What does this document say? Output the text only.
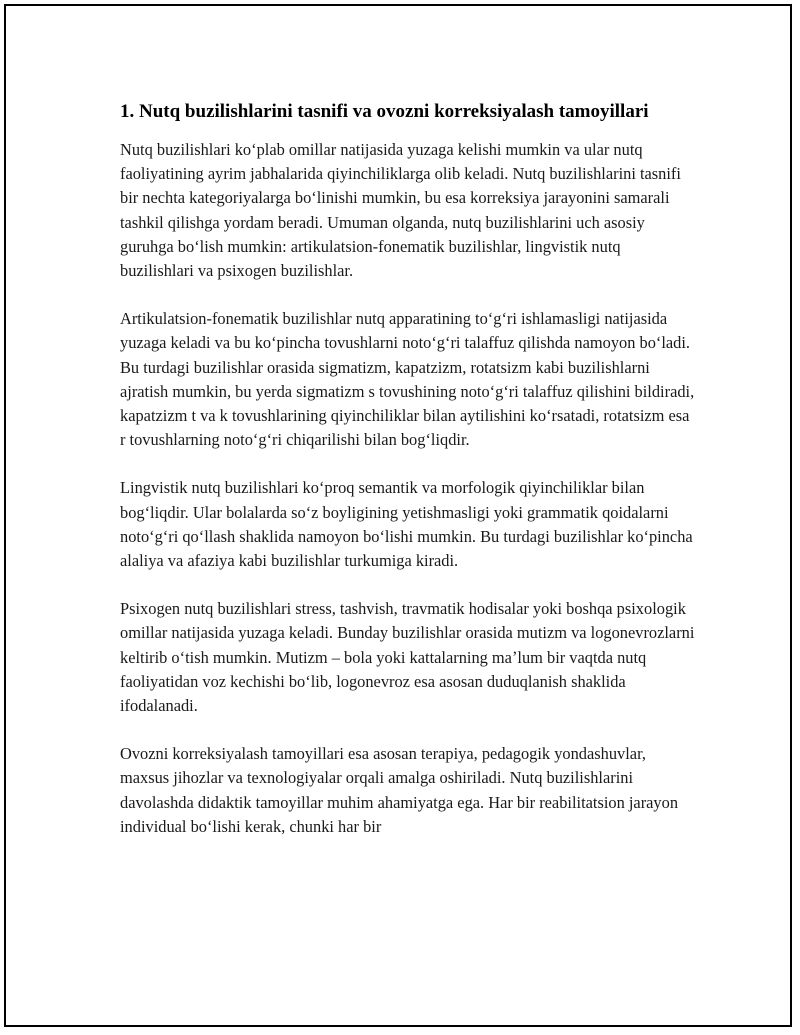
1. Nutq buzilishlarini tasnifi va ovozni korreksiyalash tamoyillari

Nutq buzilishlari koʻplab omillar natijasida yuzaga kelishi mumkin va ular nutq faoliyatining ayrim jabhalarida qiyinchiliklarga olib keladi. Nutq buzilishlarini tasnifi bir nechta kategoriyalarga boʻlinishi mumkin, bu esa korreksiya jarayonini samarali tashkil qilishga yordam beradi. Umuman olganda, nutq buzilishlarini uch asosiy guruhga boʻlish mumkin: artikulatsion-fonematik buzilishlar, lingvistik nutq buzilishlari va psixogen buzilishlar.

Artikulatsion-fonematik buzilishlar nutq apparatining toʻgʻri ishlamasligi natijasida yuzaga keladi va bu koʻpincha tovushlarni notoʻgʻri talaffuz qilishda namoyon boʻladi. Bu turdagi buzilishlar orasida sigmatizm, kapatzizm, rotatsizm kabi buzilishlarni ajratish mumkin, bu yerda sigmatizm s tovushining notoʻgʻri talaffuz qilishini bildiradi, kapatzizm t va k tovushlarining qiyinchiliklar bilan aytilishini koʻrsatadi, rotatsizm esa r tovushlarning notoʻgʻri chiqarilishi bilan bogʻliqdir.

Lingvistik nutq buzilishlari koʻproq semantik va morfologik qiyinchiliklar bilan bogʻliqdir. Ular bolalarda soʻz boyligining yetishmasligi yoki grammatik qoidalarni notoʻgʻri qoʻllash shaklida namoyon boʻlishi mumkin. Bu turdagi buzilishlar koʻpincha alaliya va afaziya kabi buzilishlar turkumiga kiradi.

Psixogen nutq buzilishlari stress, tashvish, travmatik hodisalar yoki boshqa psixologik omillar natijasida yuzaga keladi. Bunday buzilishlar orasida mutizm va logonevrozlarni keltirib oʻtish mumkin. Mutizm – bola yoki kattalarning maʼlum bir vaqtda nutq faoliyatidan voz kechishi boʻlib, logonevroz esa asosan duduqlanish shaklida ifodalanadi.

Ovozni korreksiyalash tamoyillari esa asosan terapiya, pedagogik yondashuvlar, maxsus jihozlar va texnologiyalar orqali amalga oshiriladi. Nutq buzilishlarini davolashda didaktik tamoyillar muhim ahamiyatga ega. Har bir reabilitatsion jarayon individual boʻlishi kerak, chunki har bir
